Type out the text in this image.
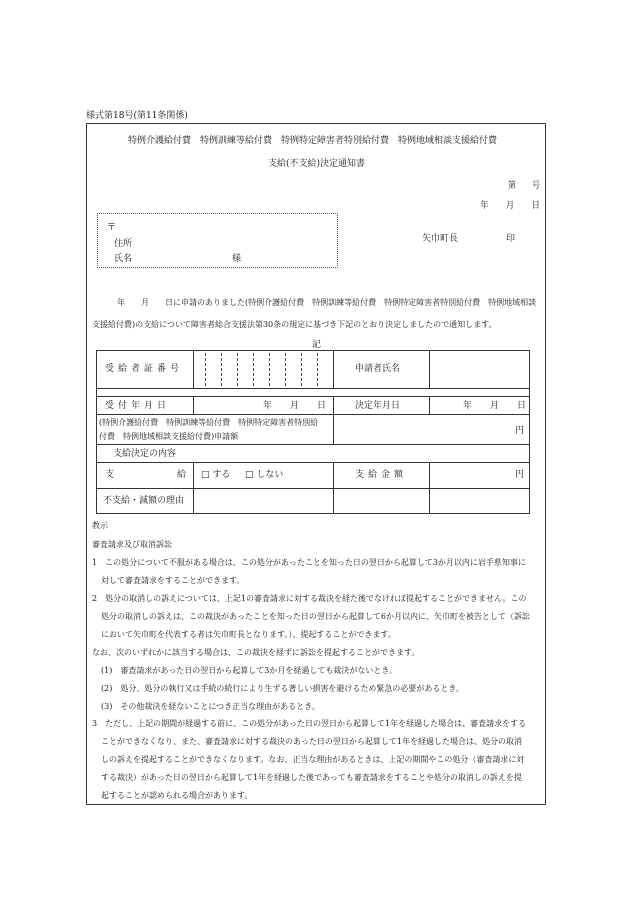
様式第18号(第11条関係)
特例介護給付費　特例訓練等給付費　特例特定障害者特別給付費　特例地域相談支援給付費
支給(不支給)決定通知書
第　　号
年　　月　　日
〒
住所
氏名	様
矢巾町長	印
年　　月　　日に申請のありました(特例介護給付費　特例訓練等給付費　特例特定障害者特別給付費　特例地域相談
支援給付費)の支給について障害者総合支援法第30条の規定に基づき下記のとおり決定しましたので通知します。
記
受給者証番号	申請者氏名
受付年月日	年　　月　　日	決定年月日	年　　月　　日
(特例介護給付費　特例訓練等給付費　特例特定障害者特別給
付費　特例地域相談支援給付費)申請額
円
支給決定の内容
支	給 □ する □ しない	支給金額	円
不支給・減額の理由
教示
審査請求及び取消訴訟
1　この処分について不服がある場合は、この処分があったことを知った日の翌日から起算して3か月以内に岩手県知事に
対して審査請求をすることができます。
2　処分の取消しの訴えについては、上記1の審査請求に対する裁決を経た後でなければ提起することができません。この
処分の取消しの訴えは、この裁決があったことを知った日の翌日から起算して6か月以内に、矢巾町を被告として（訴訟
において矢巾町を代表する者は矢巾町長となります。）、提起することができます。
なお、次のいずれかに該当する場合は、この裁決を経ずに訴訟を提起することができます。
(1)　審査請求があった日の翌日から起算して3か月を経過しても裁決がないとき。
(2)　処分、処分の執行又は手続の続行により生ずる著しい損害を避けるため緊急の必要があるとき。
(3)　その他裁決を経ないことにつき正当な理由があるとき。
3　ただし、上記の期間が経過する前に、この処分があった日の翌日から起算して1年を経過した場合は、審査請求をする
ことができなくなり、また、審査請求に対する裁決のあった日の翌日から起算して1年を経過した場合は、処分の取消
しの訴えを提起することができなくなります。なお、正当な理由があるときは、上記の期間やこの処分（審査請求に対
する裁決）があった日の翌日から起算して1年を経過した後であっても審査請求をすることや処分の取消しの訴えを提
起することが認められる場合があります。
